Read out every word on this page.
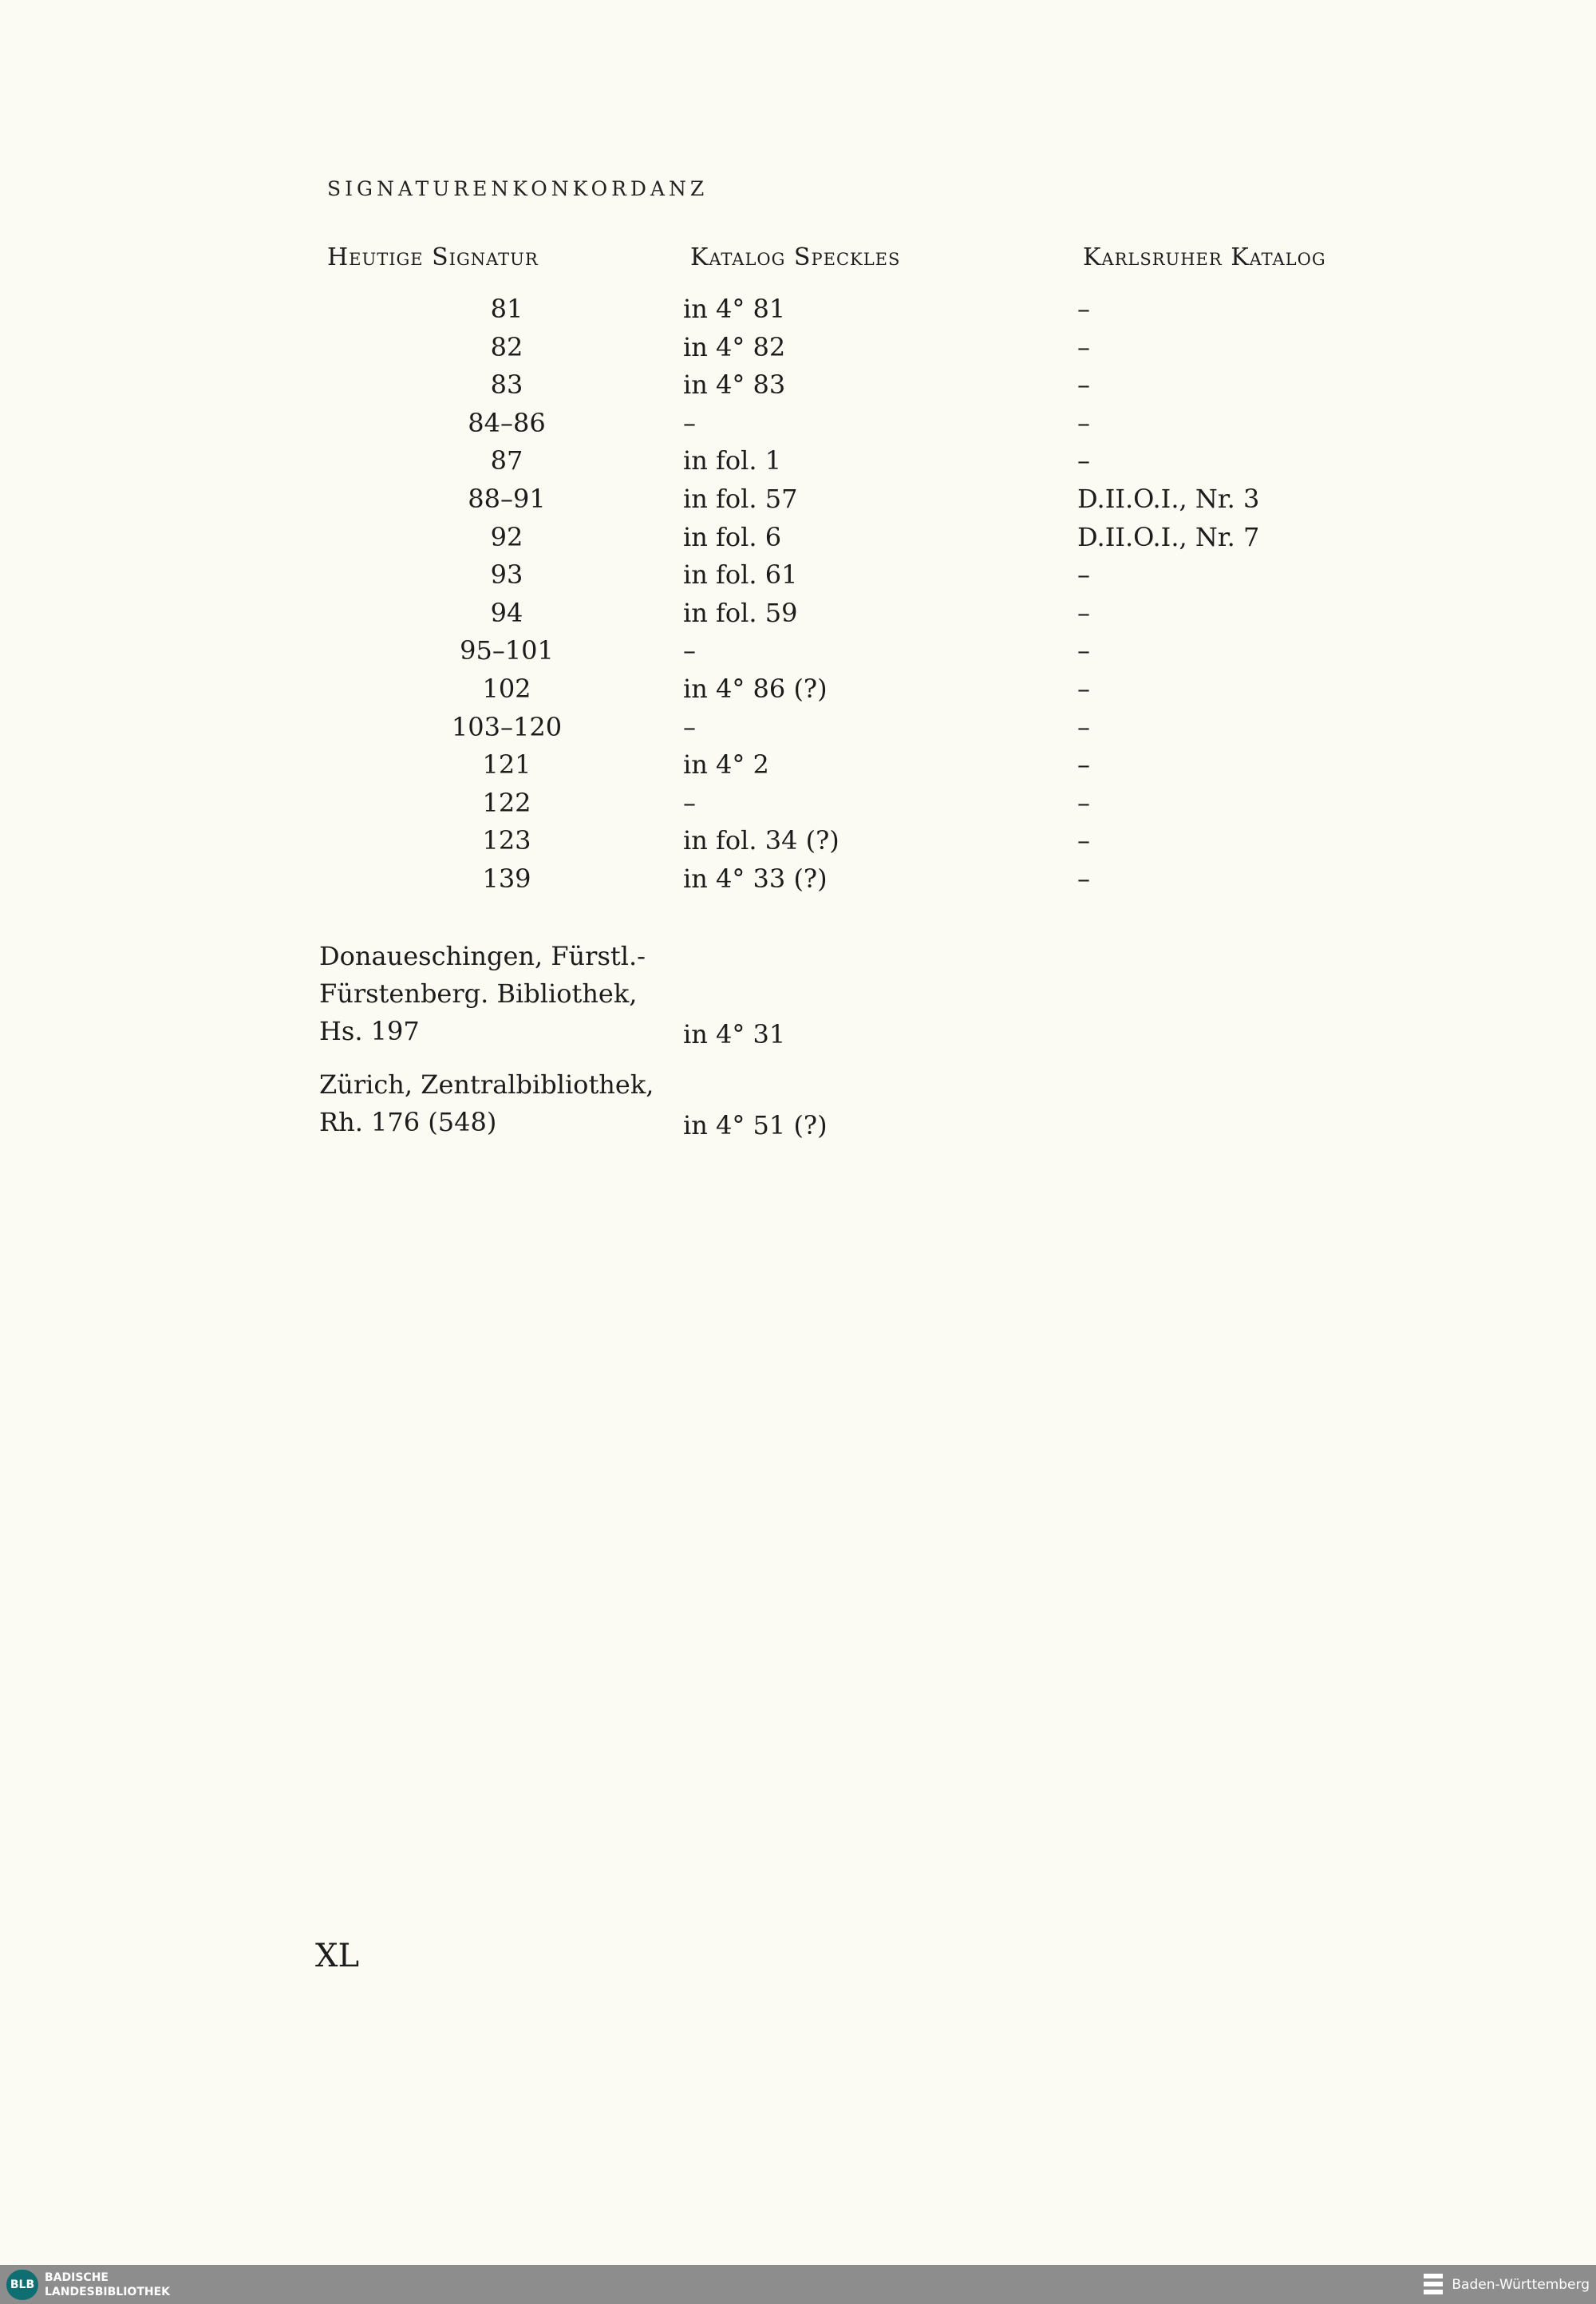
SIGNATURENKONKORDANZ
Heutige Signatur	Katalog Speckles	Karlsruher Katalog
81	in 4° 81	–
82	in 4° 82	–
83	in 4° 83	–
84–86	–	–
87	in fol. 1	–
88–91	in fol. 57	D.II.O.I., Nr. 3
92	in fol. 6	D.II.O.I., Nr. 7
93	in fol. 61	–
94	in fol. 59	–
95–101	–	–
102	in 4° 86 (?)	–
103–120	–	–
121	in 4° 2	–
122	–	–
123	in fol. 34 (?)	–
139	in 4° 33 (?)	–
Donaueschingen, Fürstl.-
Fürstenberg. Bibliothek,
Hs. 197	in 4° 31
Zürich, Zentralbibliothek,
Rh. 176 (548)	in 4° 51 (?)
XL
BLB
BADISCHE
LANDESBIBLIOTHEK	Baden-Württemberg
